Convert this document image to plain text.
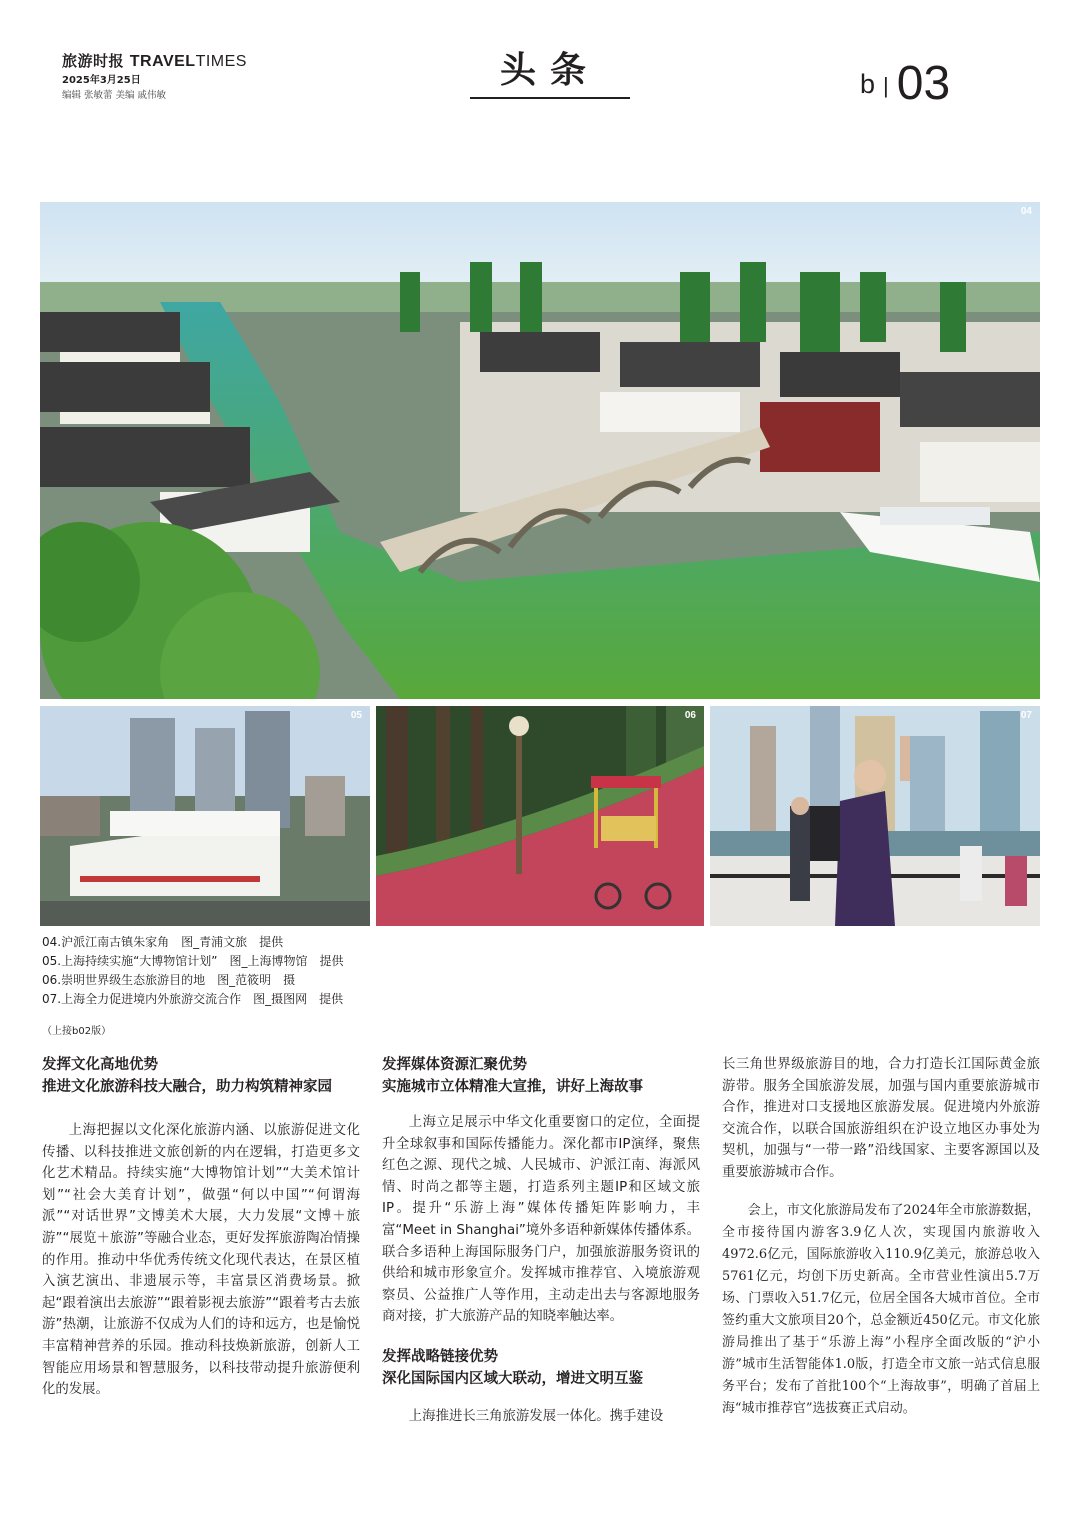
旅游时报 TRAVELTIMES
2025年3月25日
编辑 张敏蕾 美编 戚伟敏
头条	b | 03
04
05	06	07
04.沪派江南古镇朱家角　图_青浦文旅　提供
05.上海持续实施“大博物馆计划”　图_上海博物馆　提供
06.崇明世界级生态旅游目的地　图_范筱明　摄
07.上海全力促进境内外旅游交流合作　图_摄图网　提供
（上接b02版）

发挥文化高地优势

推进文化旅游科技大融合，助力构筑精神家园

上海把握以文化深化旅游内涵、以旅游促进文化传播、以科技推进文旅创新的内在逻辑，打造更多文化艺术精品。持续实施“大博物馆计划”“大美术馆计划”“社会大美育计划”，做强“何以中国”“何谓海派”“对话世界”文博美术大展，大力发展“文博＋旅游”“展览＋旅游”等融合业态，更好发挥旅游陶冶情操的作用。推动中华优秀传统文化现代表达，在景区植入演艺演出、非遗展示等，丰富景区消费场景。掀起“跟着演出去旅游”“跟着影视去旅游”“跟着考古去旅游”热潮，让旅游不仅成为人们的诗和远方，也是愉悦丰富精神营养的乐园。推动科技焕新旅游，创新人工智能应用场景和智慧服务，以科技带动提升旅游便利化的发展。

发挥媒体资源汇聚优势

实施城市立体精准大宣推，讲好上海故事

上海立足展示中华文化重要窗口的定位，全面提升全球叙事和国际传播能力。深化都市IP演绎，聚焦红色之源、现代之城、人民城市、沪派江南、海派风情、时尚之都等主题，打造系列主题IP和区域文旅IP。提升“乐游上海”媒体传播矩阵影响力，丰富“Meet in Shanghai”境外多语种新媒体传播体系。联合多语种上海国际服务门户，加强旅游服务资讯的供给和城市形象宣介。发挥城市推荐官、入境旅游观察员、公益推广人等作用，主动走出去与客源地服务商对接，扩大旅游产品的知晓率触达率。

发挥战略链接优势

深化国际国内区域大联动，增进文明互鉴

上海推进长三角旅游发展一体化。携手建设

长三角世界级旅游目的地，合力打造长江国际黄金旅游带。服务全国旅游发展，加强与国内重要旅游城市合作，推进对口支援地区旅游发展。促进境内外旅游交流合作，以联合国旅游组织在沪设立地区办事处为契机，加强与“一带一路”沿线国家、主要客源国以及重要旅游城市合作。

会上，市文化旅游局发布了2024年全市旅游数据，全市接待国内游客3.9亿人次，实现国内旅游收入4972.6亿元，国际旅游收入110.9亿美元，旅游总收入5761亿元，均创下历史新高。全市营业性演出5.7万场、门票收入51.7亿元，位居全国各大城市首位。全市签约重大文旅项目20个，总金额近450亿元。市文化旅游局推出了基于“乐游上海”小程序全面改版的“沪小游”城市生活智能体1.0版，打造全市文旅一站式信息服务平台；发布了首批100个“上海故事”，明确了首届上海“城市推荐官”选拔赛正式启动。
